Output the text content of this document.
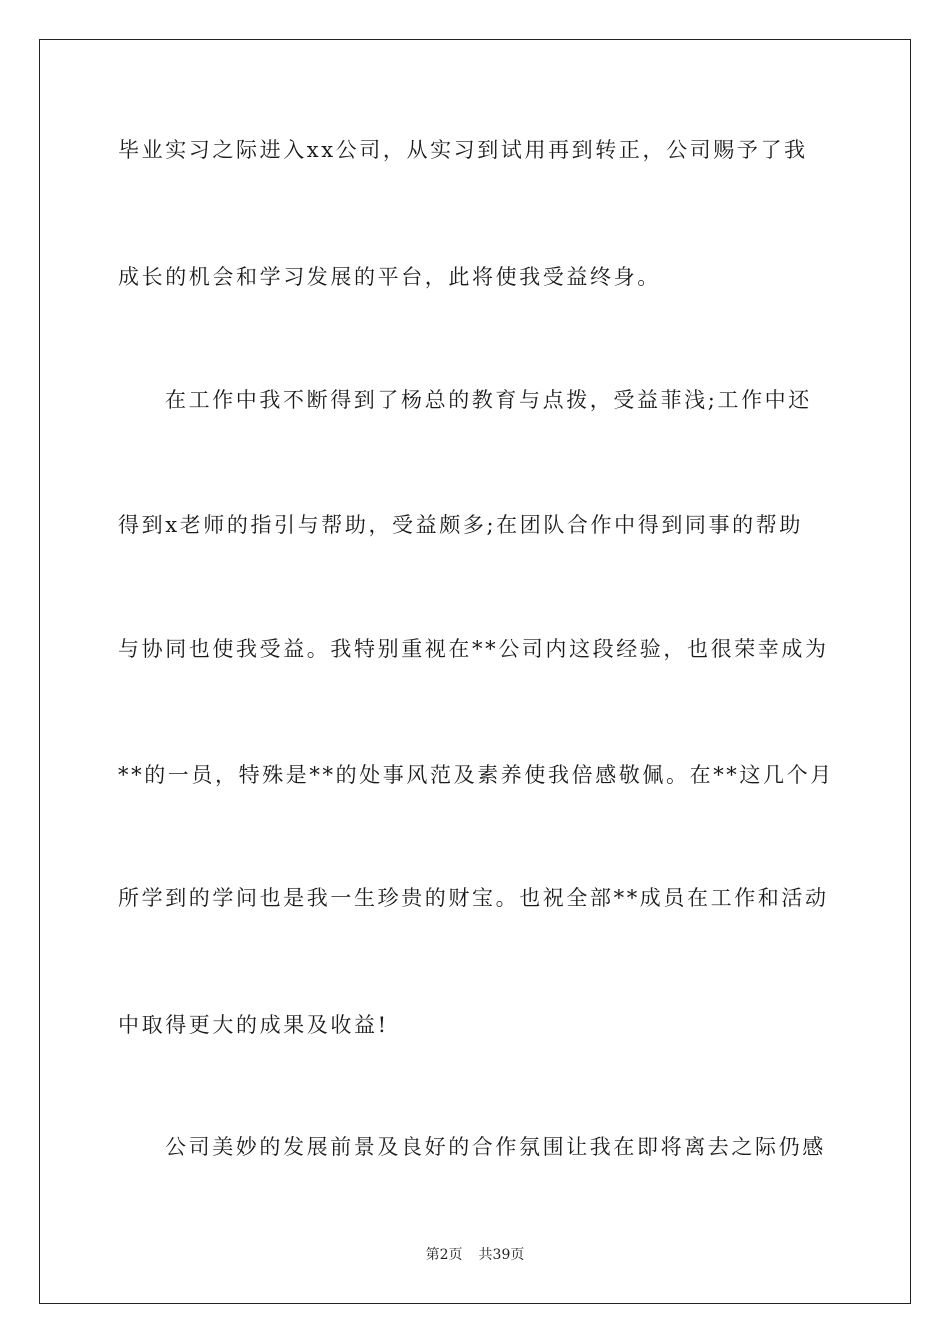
毕业实习之际进入xx公司，从实习到试用再到转正，公司赐予了我
成长的机会和学习发展的平台，此将使我受益终身。
在工作中我不断得到了杨总的教育与点拨，受益菲浅;工作中还
得到x老师的指引与帮助，受益颇多;在团队合作中得到同事的帮助
与协同也使我受益。我特别重视在**公司内这段经验，也很荣幸成为
**的一员，特殊是**的处事风范及素养使我倍感敬佩。在**这几个月
所学到的学问也是我一生珍贵的财宝。也祝全部**成员在工作和活动
中取得更大的成果及收益!
公司美妙的发展前景及良好的合作氛围让我在即将离去之际仍感
第2页 共39页
